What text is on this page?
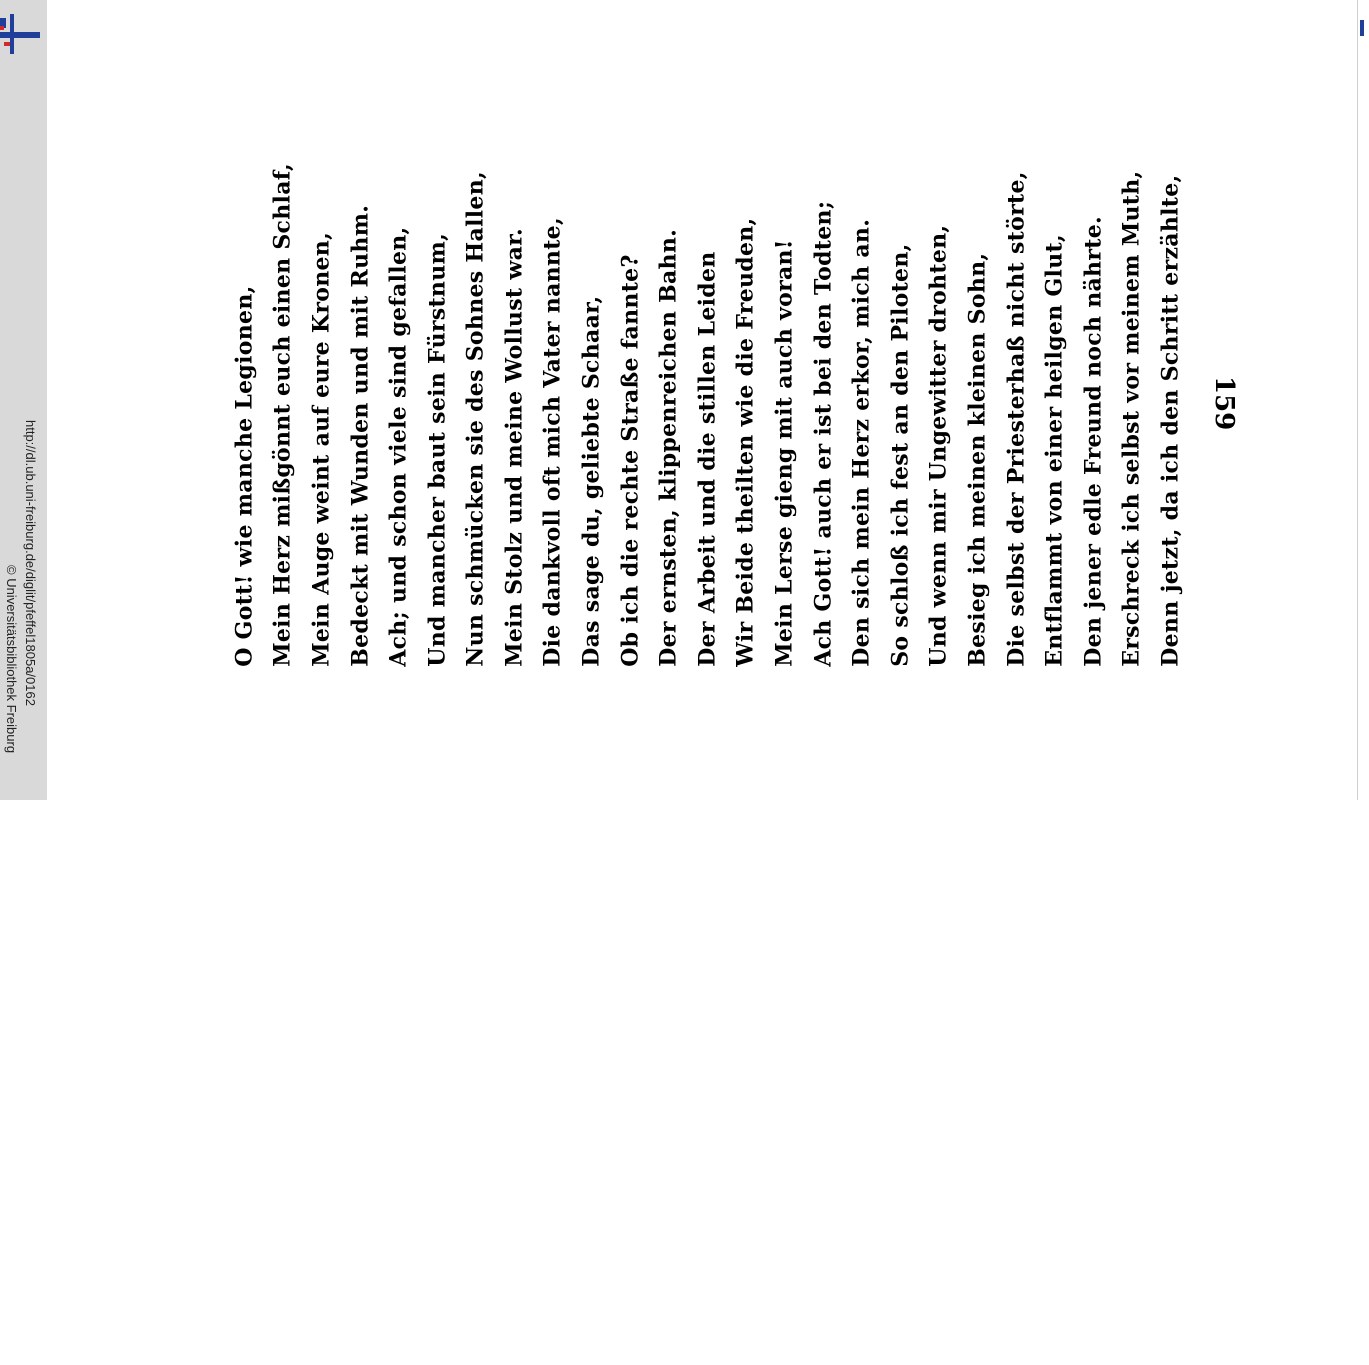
http://dl.ub.uni-freiburg.de/diglit/pfeffel1805a/0162
© Universitätsbibliothek Freiburg
159
Denn jetzt, da ich den Schritt erzählte,
Erschreck ich selbst vor meinem Muth,
Den jener edle Freund noch nährte.
Entflammt von einer heilgen Glut,
Die selbst der Priesterhaß nicht störte,
Besieg ich meinen kleinen Sohn,
Und wenn mir Ungewitter drohten,
So schloß ich fest an den Piloten,
Den sich mein Herz erkor, mich an.
Ach Gott! auch er ist bei den Todten;
Mein Lerse gieng mit auch voran!
Wir Beide theilten wie die Freuden,
Der Arbeit und die stillen Leiden
Der ernsten, klippenreichen Bahn.
Ob ich die rechte Straße fannte?
Das sage du, geliebte Schaar,
Die dankvoll oft mich Vater nannte,
Mein Stolz und meine Wollust war.
Nun schmücken sie des Sohnes Hallen,
Und mancher baut sein Fürstnum,
Ach; und schon viele sind gefallen,
Bedeckt mit Wunden und mit Ruhm.
Mein Auge weint auf eure Kronen,
Mein Herz mißgönnt euch einen Schlaf,
O Gott! wie manche Legionen,
